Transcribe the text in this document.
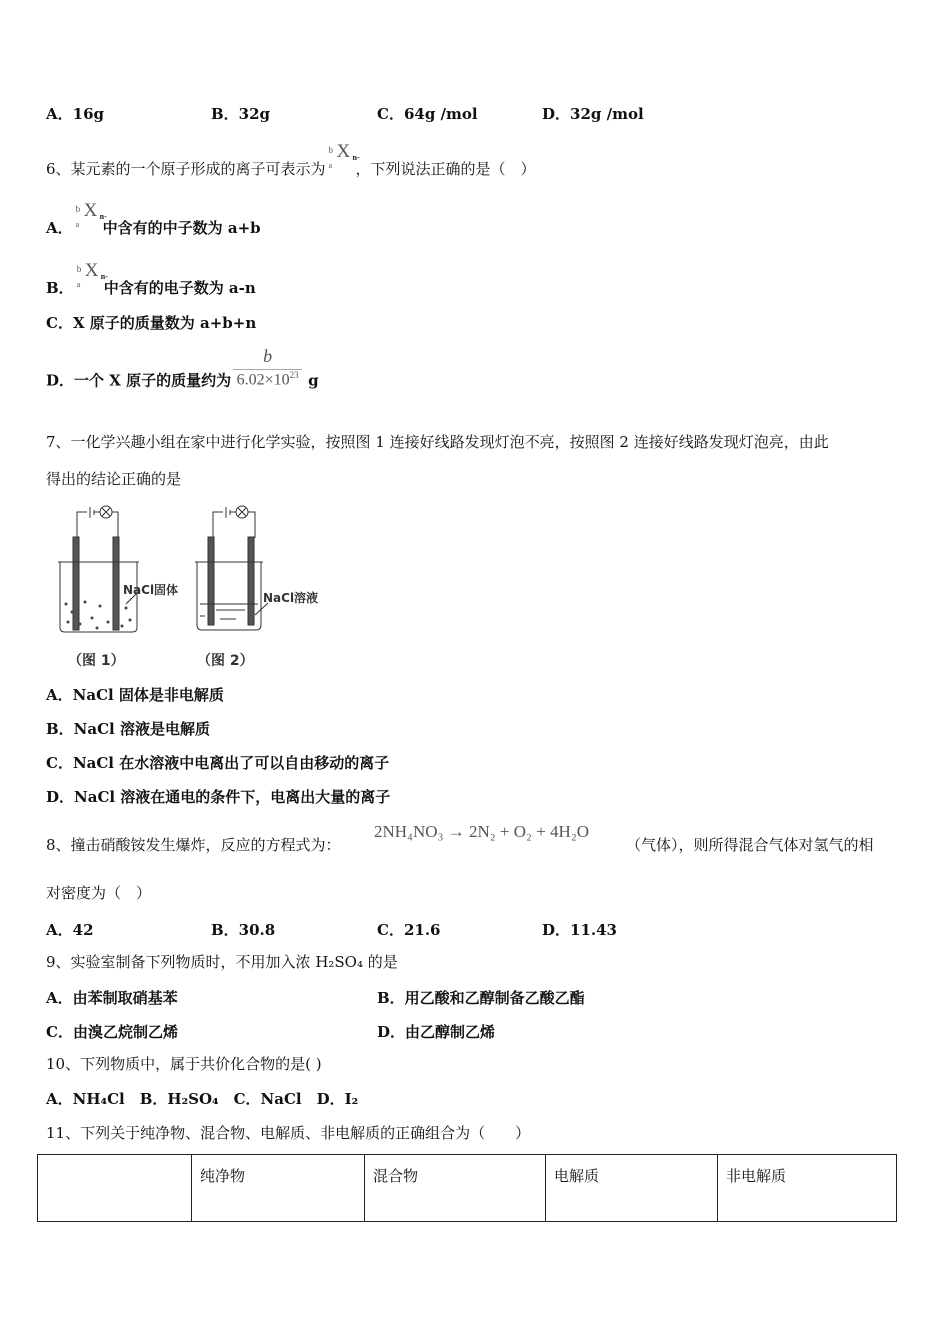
A．16g	B．32g	C．64g /mol	D．32g /mol
6、某元素的一个原子形成的离子可表示为
b
a
X n-
，下列说法正确的是（　）
A．
b
a
X n-
中含有的中子数为 a+b
B．
b
a
X n-
中含有的电子数为 a-n
C．X 原子的质量数为 a+b+n
D．一个 X 原子的质量约为 $\frac{b}{6.02\times 10^{23}}$ g
7、一化学兴趣小组在家中进行化学实验，按照图 1 连接好线路发现灯泡不亮，按照图 2 连接好线路发现灯泡亮，由此
得出的结论正确的是
NaCl固体
（图 1）
NaCl溶液
（图 2）
A．NaCl 固体是非电解质
B．NaCl 溶液是电解质
C．NaCl 在水溶液中电离出了可以自由移动的离子
D．NaCl 溶液在通电的条件下，电离出大量的离子
8、撞击硝酸铵发生爆炸，反应的方程式为：
2NH₄NO₃ → 2N₂ + O₂ + 4H₂O
（气体），则所得混合气体对氢气的相
对密度为（　）
A．42	B．30.8	C．21.6	D．11.43
9、实验室制备下列物质时，不用加入浓 H₂SO₄ 的是
A．由苯制取硝基苯	B．用乙酸和乙醇制备乙酸乙酯
C．由溴乙烷制乙烯	D．由乙醇制乙烯
10、下列物质中，属于共价化合物的是( )
A．NH₄Cl　B．H₂SO₄　C．NaCl　D．I₂
11、下列关于纯净物、混合物、电解质、非电解质的正确组合为（　　）
	纯净物	混合物	电解质	非电解质
